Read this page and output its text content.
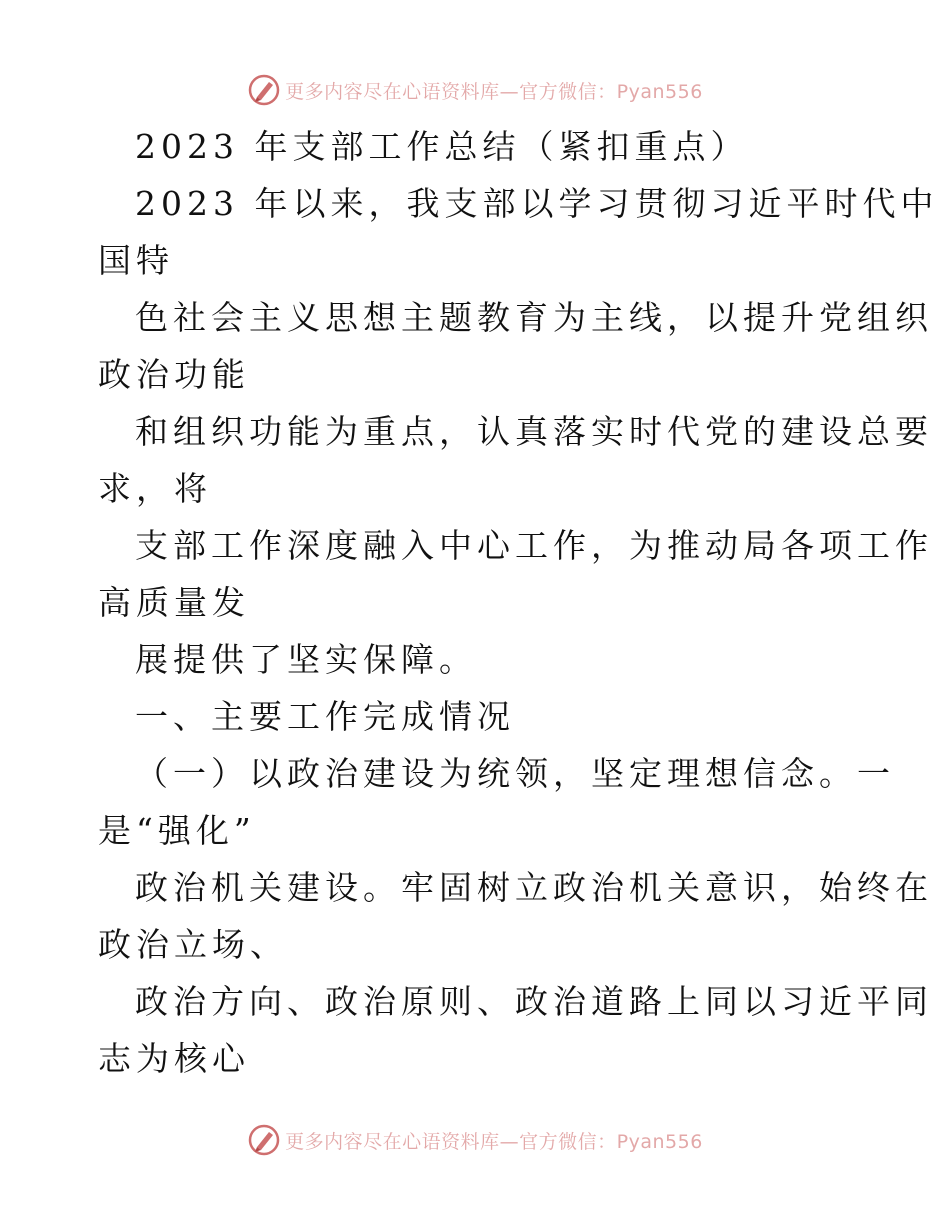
更多内容尽在心语资料库—官方微信：Pyan556
2023 年支部工作总结（紧扣重点）
2023 年以来，我支部以学习贯彻习近平时代中
国特
色社会主义思想主题教育为主线，以提升党组织
政治功能
和组织功能为重点，认真落实时代党的建设总要
求，将
支部工作深度融入中心工作，为推动局各项工作
高质量发
展提供了坚实保障。
一、主要工作完成情况
（一）以政治建设为统领，坚定理想信念。一
是“强化”
政治机关建设。牢固树立政治机关意识，始终在
政治立场、
政治方向、政治原则、政治道路上同以习近平同
志为核心
更多内容尽在心语资料库—官方微信：Pyan556
